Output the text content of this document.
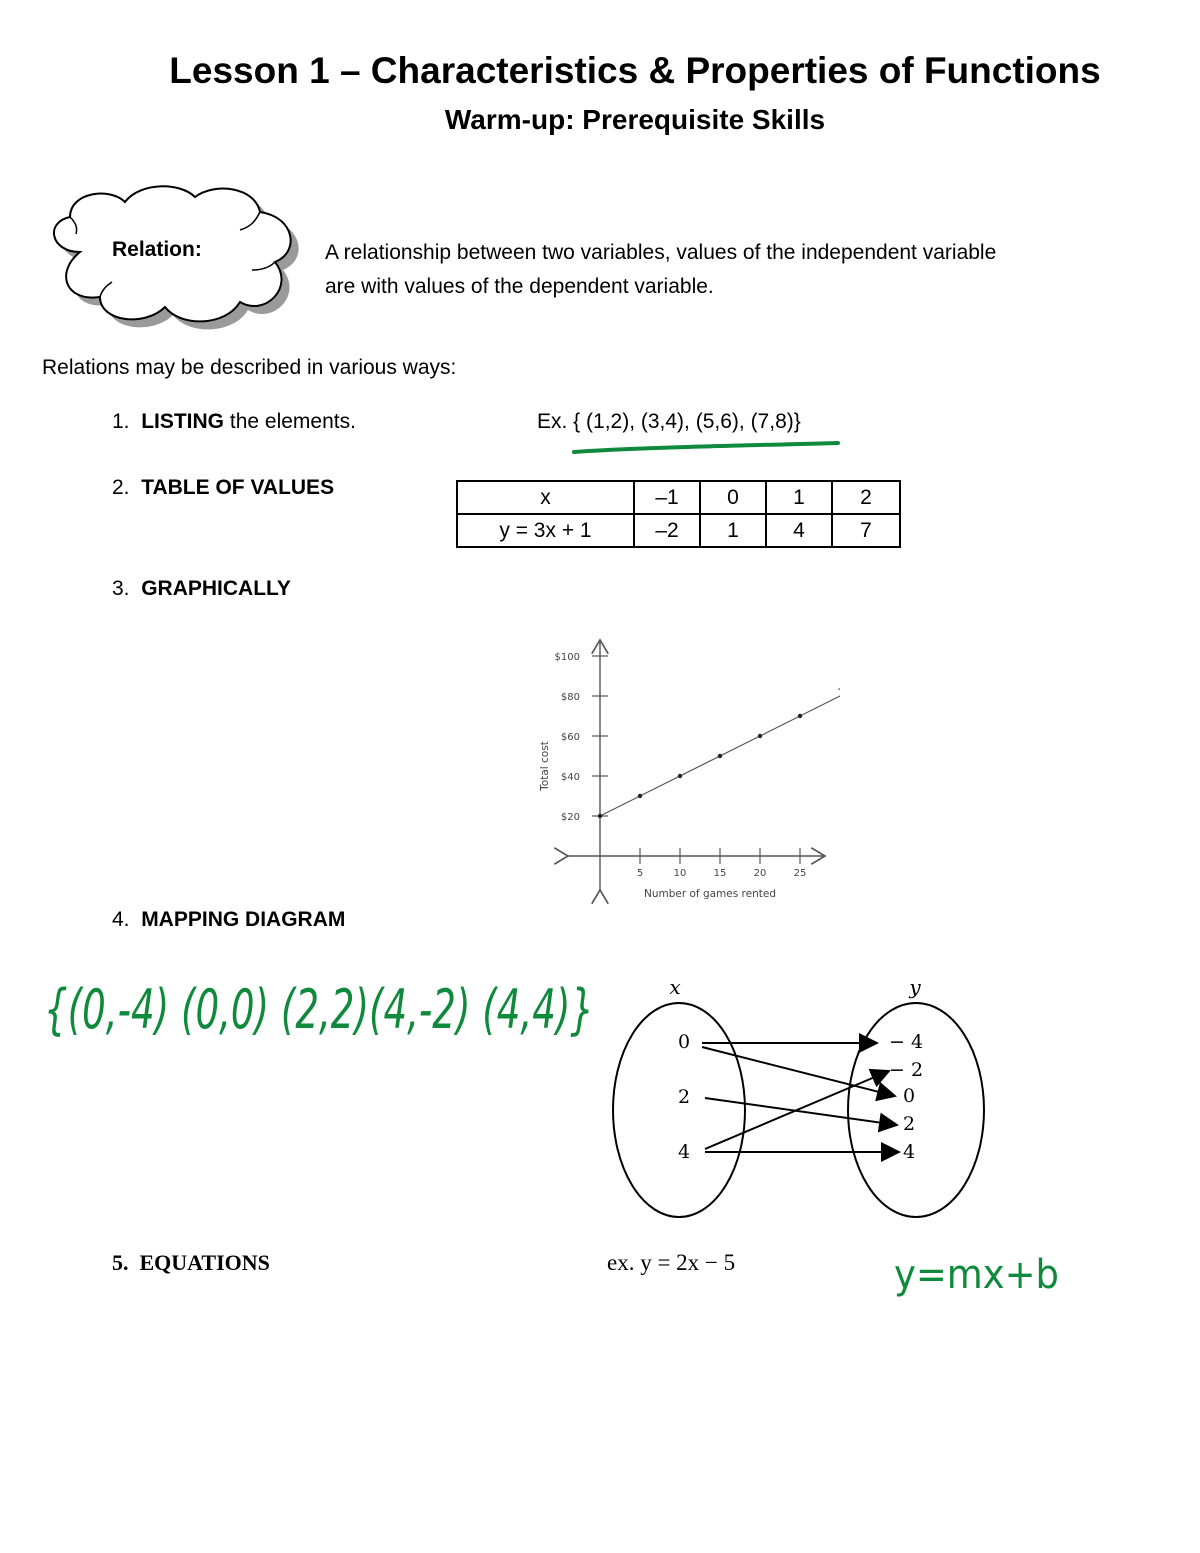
Lesson 1 – Characteristics & Properties of Functions
Warm-up: Prerequisite Skills
Relation:	A relationship between two variables, values of the independent variable
are with values of the dependent variable.
Relations may be described in various ways:
1. LISTING the elements.	Ex. { (1,2), (3,4), (5,6), (7,8)}
2. TABLE OF VALUES	x	–1	0	1	2
y = 3x + 1	–2	1	4	7
3. GRAPHICALLY
$20
$40
$60
$80
$100
5	10	15	20	25
Number of games rented
Total cost
4. MAPPING DIAGRAM
{(0,-4) (0,0) (2,2)(4,-2) (4,4)}	x	y
0
2
4
− 4
− 2
0
2
4
5. EQUATIONS	ex. y = 2x − 5	y=mx+b
